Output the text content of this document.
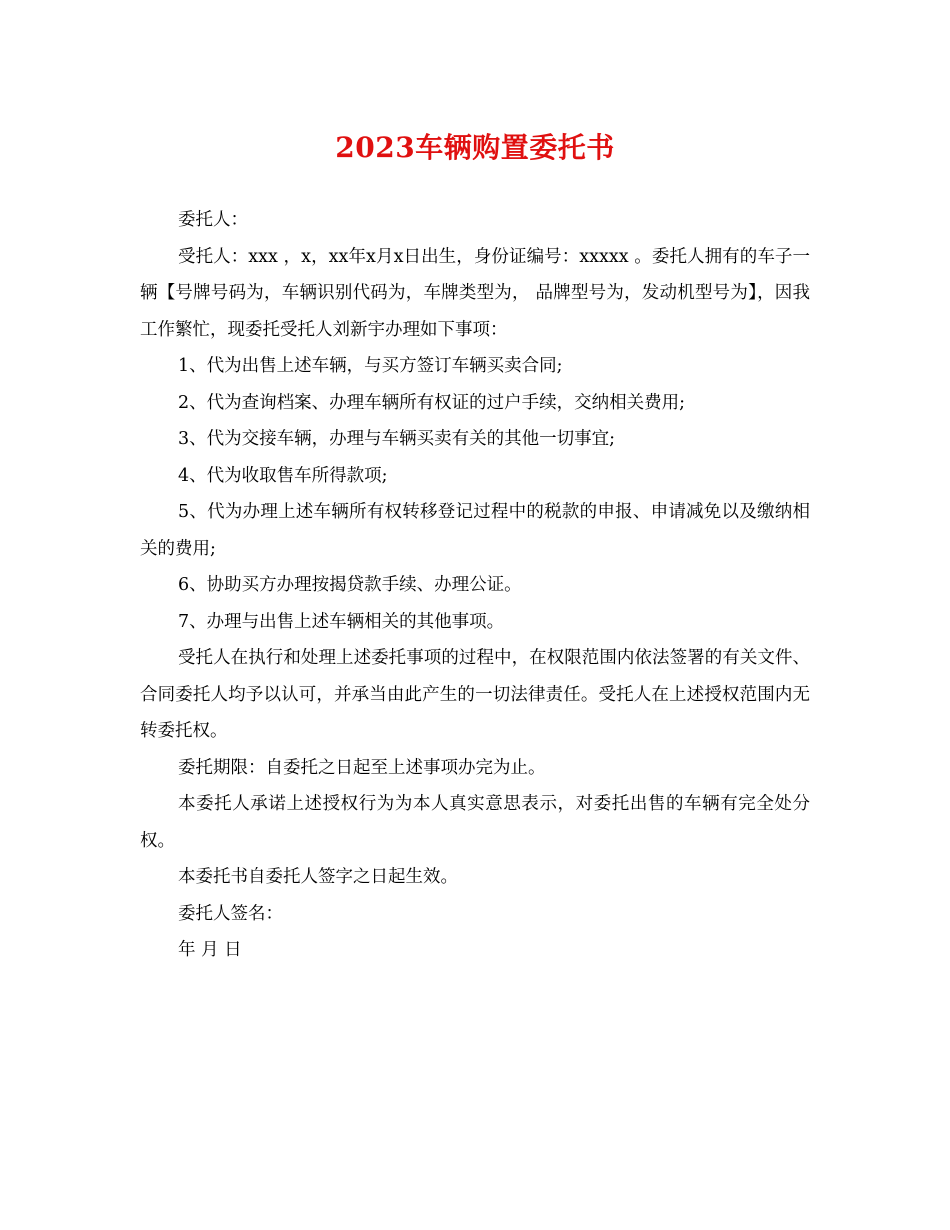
2023车辆购置委托书

委托人：

受托人：xxx ，x，xx年x月x日出生，身份证编号：xxxxx 。委托人拥有的车子一辆【号牌号码为，车辆识别代码为，车牌类型为， 品牌型号为，发动机型号为】，因我工作繁忙，现委托受托人刘新宇办理如下事项：

1、代为出售上述车辆，与买方签订车辆买卖合同;

2、代为查询档案、办理车辆所有权证的过户手续，交纳相关费用;

3、代为交接车辆，办理与车辆买卖有关的其他一切事宜;

4、代为收取售车所得款项;

5、代为办理上述车辆所有权转移登记过程中的税款的申报、申请减免以及缴纳相关的费用;

6、协助买方办理按揭贷款手续、办理公证。

7、办理与出售上述车辆相关的其他事项。

受托人在执行和处理上述委托事项的过程中，在权限范围内依法签署的有关文件、合同委托人均予以认可，并承当由此产生的一切法律责任。受托人在上述授权范围内无转委托权。

委托期限：自委托之日起至上述事项办完为止。

本委托人承诺上述授权行为为本人真实意思表示，对委托出售的车辆有完全处分权。

本委托书自委托人签字之日起生效。

委托人签名：

年 月 日
